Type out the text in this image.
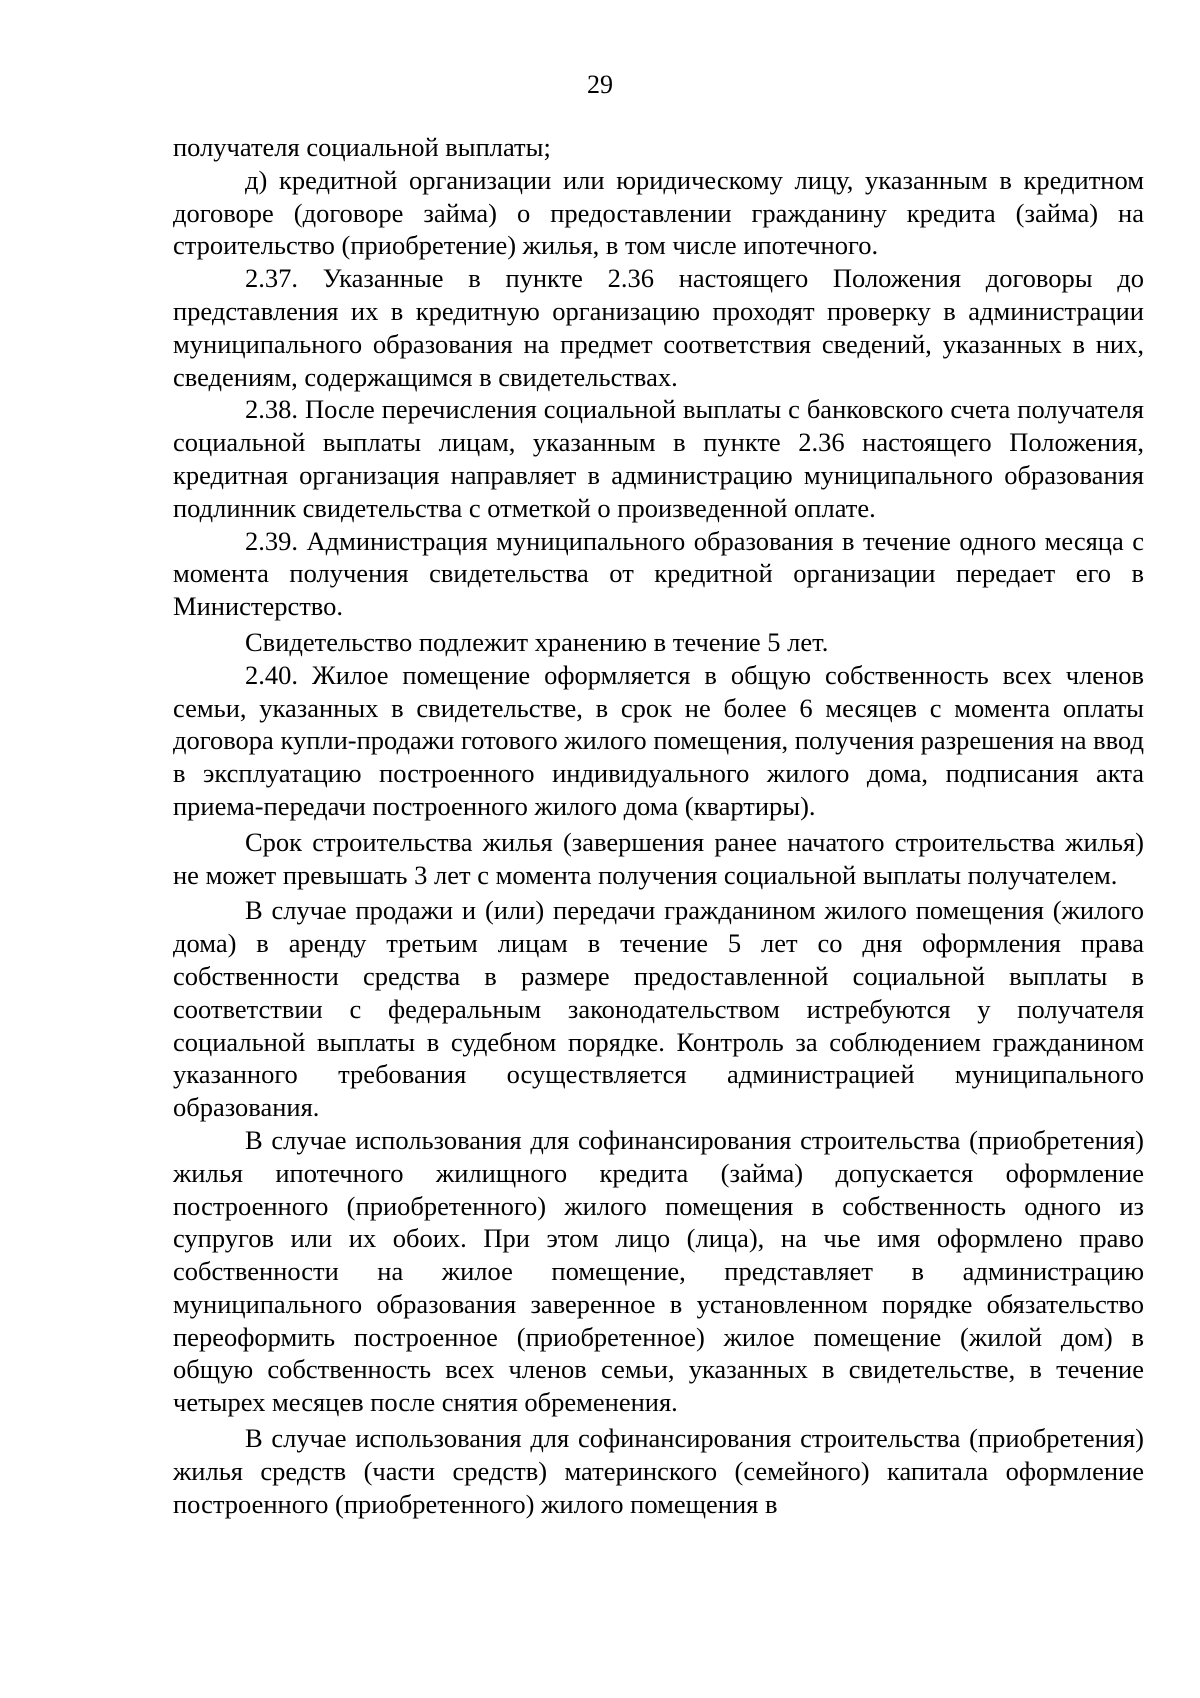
29

получателя социальной выплаты;

д) кредитной организации или юридическому лицу, указанным в кредитном договоре (договоре займа) о предоставлении гражданину кредита (займа) на строительство (приобретение) жилья, в том числе ипотечного.

2.37. Указанные в пункте 2.36 настоящего Положения договоры до представления их в кредитную организацию проходят проверку в администрации муниципального образования на предмет соответствия сведений, указанных в них, сведениям, содержащимся в свидетельствах.

2.38. После перечисления социальной выплаты с банковского счета получателя социальной выплаты лицам, указанным в пункте 2.36 настоящего Положения, кредитная организация направляет в администрацию муниципального образования подлинник свидетельства с отметкой о произведенной оплате.

2.39. Администрация муниципального образования в течение одного месяца с момента получения свидетельства от кредитной организации передает его в Министерство.

Свидетельство подлежит хранению в течение 5 лет.

2.40. Жилое помещение оформляется в общую собственность всех членов семьи, указанных в свидетельстве, в срок не более 6 месяцев с момента оплаты договора купли-продажи готового жилого помещения, получения разрешения на ввод в эксплуатацию построенного индивидуального жилого дома, подписания акта приема-передачи построенного жилого дома (квартиры).

Срок строительства жилья (завершения ранее начатого строительства жилья) не может превышать 3 лет с момента получения социальной выплаты получателем.

В случае продажи и (или) передачи гражданином жилого помещения (жилого дома) в аренду третьим лицам в течение 5 лет со дня оформления права собственности средства в размере предоставленной социальной выплаты в соответствии с федеральным законодательством истребуются у получателя социальной выплаты в судебном порядке. Контроль за соблюдением гражданином указанного требования осуществляется администрацией муниципального образования.

В случае использования для софинансирования строительства (приобретения) жилья ипотечного жилищного кредита (займа) допускается оформление построенного (приобретенного) жилого помещения в собственность одного из супругов или их обоих. При этом лицо (лица), на чье имя оформлено право собственности на жилое помещение, представляет в администрацию муниципального образования заверенное в установленном порядке обязательство переоформить построенное (приобретенное) жилое помещение (жилой дом) в общую собственность всех членов семьи, указанных в свидетельстве, в течение четырех месяцев после снятия обременения.

В случае использования для софинансирования строительства (приобретения) жилья средств (части средств) материнского (семейного) капитала оформление построенного (приобретенного) жилого помещения в
